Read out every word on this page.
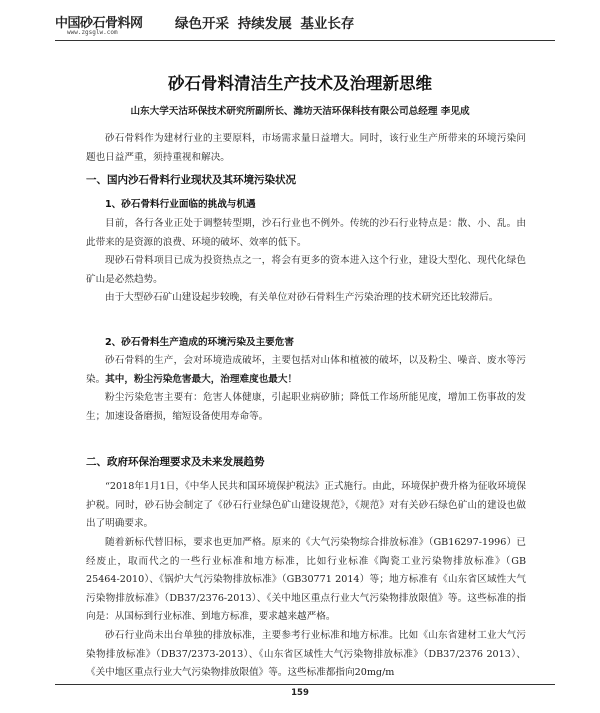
中国砂石骨料网
www.zgsglw.com
绿色开采 持续发展 基业长存
砂石骨料清洁生产技术及治理新思维
山东大学天沽环保技术研究所副所长、潍坊天洁环保科技有限公司总经理 李见成
砂石骨料作为建材行业的主要原料，市场需求量日益增大。同时，该行业生产所带来的环境污染问题也日益严重，须持重视和解决。
一、国内沙石骨料行业现状及其环境污染状况
1、砂石骨料行业面临的挑战与机遇
目前，各行各业正处于调整转型期，沙石行业也不例外。传统的沙石行业特点是：散、小、乱。由此带来的是资源的浪费、环境的破坏、效率的低下。
现砂石骨料项目已成为投资热点之一，将会有更多的资本进入这个行业，建设大型化、现代化绿色矿山是必然趋势。
由于大型砂石矿山建设起步较晚，有关单位对砂石骨料生产污染治理的技术研究还比较滞后。
2、砂石骨料生产造成的环境污染及主要危害
砂石骨料的生产，会对环境造成破坏，主要包括对山体和植被的破坏，以及粉尘、噪音、废水等污染。其中，粉尘污染危害最大，治理难度也最大！
粉尘污染危害主要有：危害人体健康，引起职业病矽肺；降低工作场所能见度，增加工伤事故的发生；加速设备磨损，缩短设备使用寿命等。
二、政府环保治理要求及未来发展趋势
“2018年1月1日，《中华人民共和国环境保护税法》正式施行。由此，环境保护费升格为征收环境保护税。同时，砂石协会制定了《砂石行业绿色矿山建设规范》，《规范》对有关砂石绿色矿山的建设也做出了明确要求。
随着新标代替旧标，要求也更加严格。原来的《大气污染物综合排放标准》（GB16297-1996）已经废止，取而代之的一些行业标准和地方标准，比如行业标准《陶瓷工业污染物排放标准》（GB 25464-2010）、《锅炉大气污染物排放标准》（GB30771 2014）等；地方标准有《山东省区域性大气污染物排放标准》（DB37/2376-2013）、《关中地区重点行业大气污染物排放限值》等。这些标准的指向是：从国标到行业标准、到地方标准，要求越来越严格。
砂石行业尚未出台单独的排放标准，主要参考行业标准和地方标准。比如《山东省建材工业大气污染物排放标准》（DB37/2373-2013）、《山东省区域性大气污染物排放标准》（DB37/2376 2013）、《关中地区重点行业大气污染物排放限值》等。这些标准都指向20mg/m
159
